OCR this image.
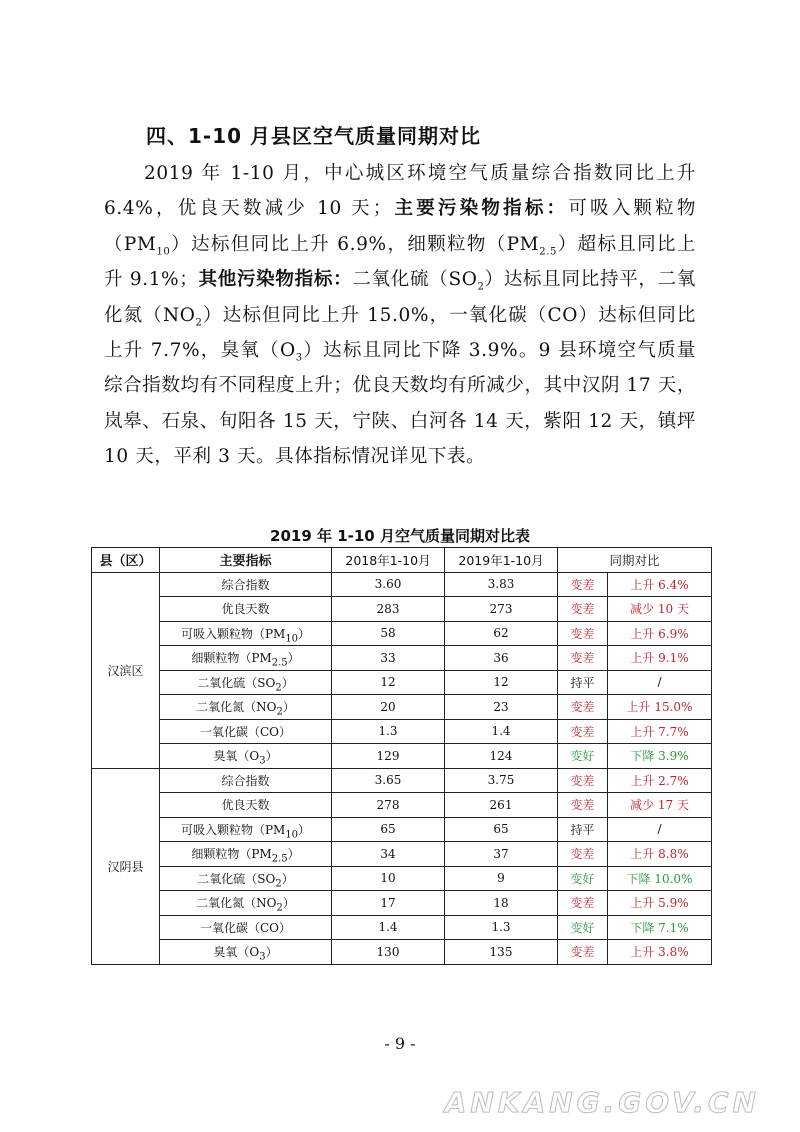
四、1-10 月县区空气质量同期对比
2019 年 1-10 月，中心城区环境空气质量综合指数同比上升 6.4%，优良天数减少 10 天；主要污染物指标：可吸入颗粒物$(PM_{10})$达标但同比上升 6.9%，细颗粒物$(PM_{2.5})$超标且同比上升 9.1%；其他污染物指标：二氧化硫$(SO_2)$达标且同比持平，二氧化氮$(NO_2)$达标但同比上升 15.0%，一氧化碳（CO）达标但同比上升 7.7%，臭氧$(O_3)$达标且同比下降 3.9%。9 县环境空气质量综合指数均有不同程度上升；优良天数均有所减少，其中汉阴 17 天，岚皋、石泉、旬阳各 15 天，宁陕、白河各 14 天，紫阳 12 天，镇坪 10 天，平利 3 天。具体指标情况详见下表。
2019 年 1-10 月空气质量同期对比表
县（区）	主要指标	2018年1-10月	2019年1-10月	同期对比	
汉滨区	综合指数	3.60	3.83	变差	上升 6.4%
	优良天数	283	273	变差	减少 10 天
	可吸入颗粒物$(PM_{10})$	58	62	变差	上升 6.9%
	细颗粒物$(PM_{2.5})$	33	36	变差	上升 9.1%
	二氧化硫$(SO_2)$	12	12	持平	/
	二氧化氮$(NO_2)$	20	23	变差	上升 15.0%
	一氧化碳（CO）	1.3	1.4	变差	上升 7.7%
	臭氧$(O_3)$	129	124	变好	下降 3.9%
汉阴县	综合指数	3.65	3.75	变差	上升 2.7%
	优良天数	278	261	变差	减少 17 天
	可吸入颗粒物$(PM_{10})$	65	65	持平	/
	细颗粒物$(PM_{2.5})$	34	37	变差	上升 8.8%
	二氧化硫$(SO_2)$	10	9	变好	下降 10.0%
	二氧化氮$(NO_2)$	17	18	变差	上升 5.9%
	一氧化碳（CO）	1.4	1.3	变好	下降 7.1%
	臭氧$(O_3)$	130	135	变差	上升 3.8%
- 9 -
ANKANG.GOV.CN
